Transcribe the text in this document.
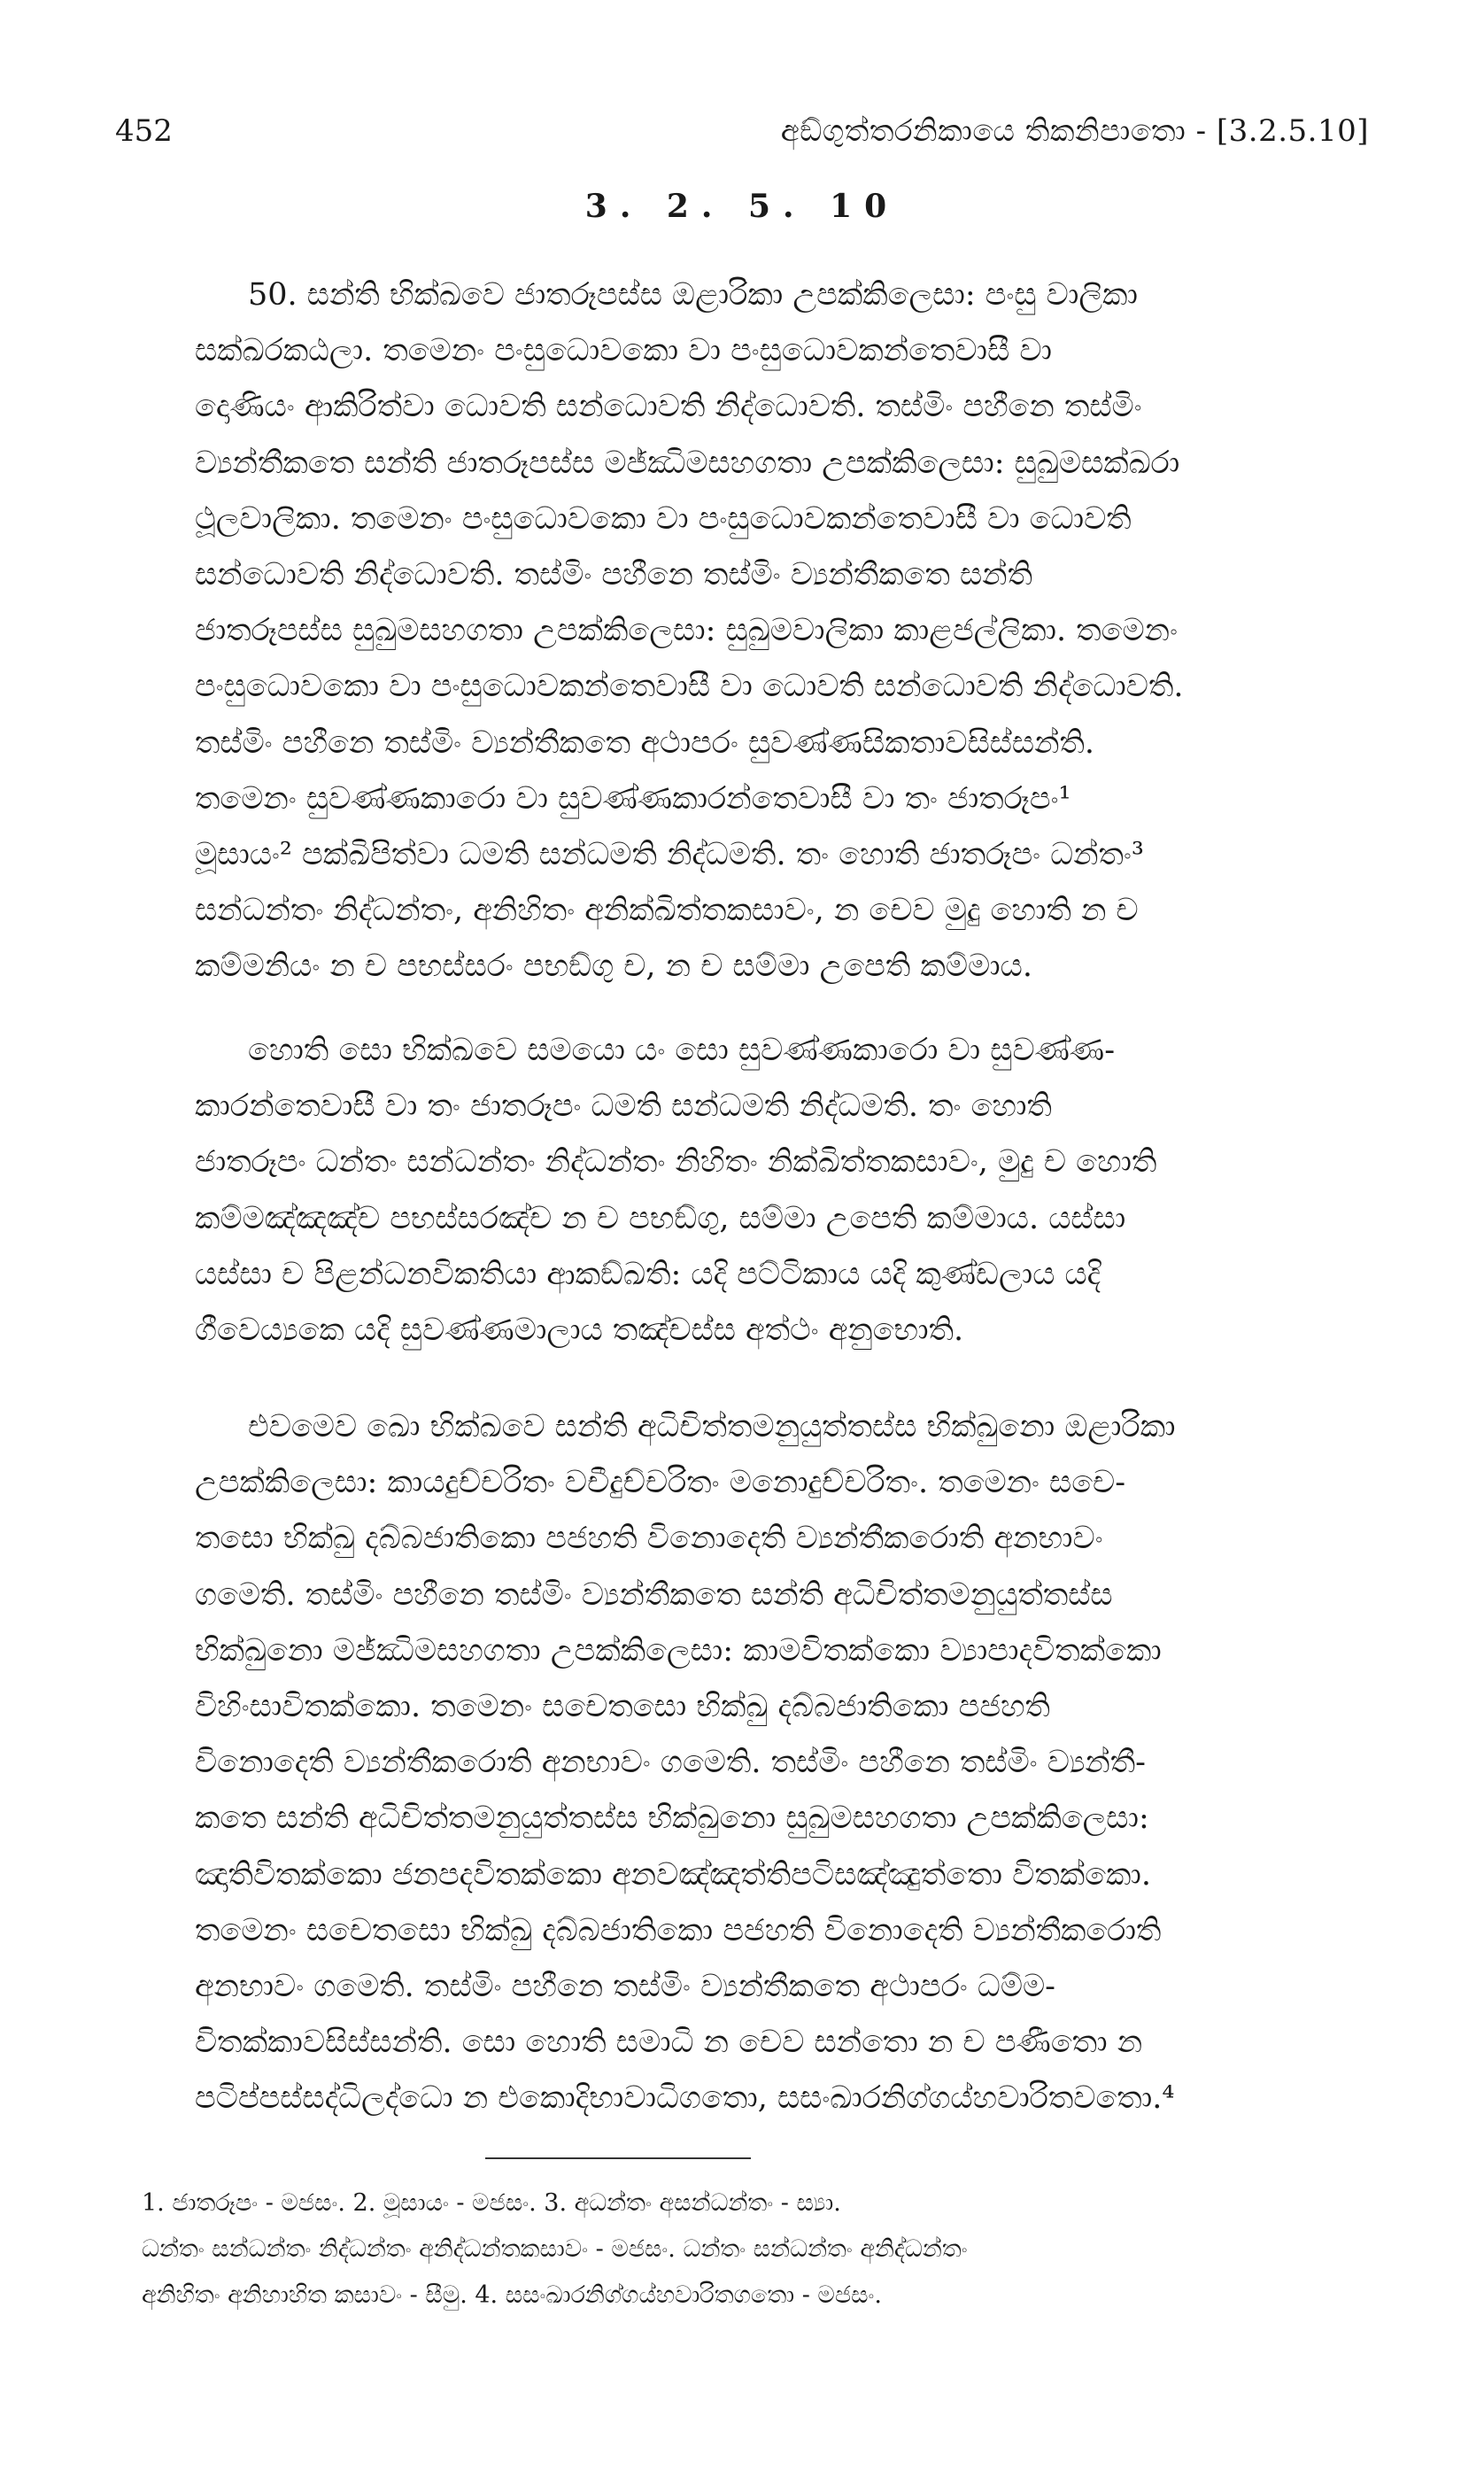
452	අඞ්ගුත්තරනිකායෙ තිකනිපාතො - [3.2.5.10]
3. 2. 5. 10
50. සන්ති භික්ඛවෙ ජාතරූපස්ස ඔළාරිකා උපක්කිලෙසා: පංසු වාලිකා
සක්ඛරකඨලා. තමෙනං පංසුධොවකො වා පංසුධොවකන්තෙවාසී වා
දොණියං ආකිරිත්වා ධොවති සන්ධොවති නිද්ධොවති. තස්මිං පහීනෙ තස්මිං
ව්‍යන්තීකතෙ සන්ති ජාතරූපස්ස මජ්ඣිමසහගතා උපක්කිලෙසා: සුඛුමසක්ඛරා
ථූලවාලිකා. තමෙනං පංසුධොවකො වා පංසුධොවකන්තෙවාසී වා ධොවති
සන්ධොවති නිද්ධොවති. තස්මිං පහීනෙ තස්මිං ව්‍යන්තීකතෙ සන්ති
ජාතරූපස්ස සුඛුමසහගතා උපක්කිලෙසා: සුඛුමවාලිකා කාළජල්ලිකා. තමෙනං
පංසුධොවකො වා පංසුධොවකන්තෙවාසී වා ධොවති සන්ධොවති නිද්ධොවති.
තස්මිං පහීනෙ තස්මිං ව්‍යන්තීකතෙ අථාපරං සුවණ්ණසිකතාවසිස්සන්ති.
තමෙනං සුවණ්ණකාරො වා සුවණ්ණකාරන්තෙවාසී වා තං ජාතරූපං¹
මූසායං² පක්ඛිපිත්වා ධමති සන්ධමති නිද්ධමති. තං හොති ජාතරූපං ධන්තං³
සන්ධන්තං නිද්ධන්තං, අනිහිතං අනික්ඛිත්තකසාවං, න චෙව මුදු හොති න ච
කම්මනියං න ච පභස්සරං පභඞ්ගු ච, න ච සම්මා උපෙති කම්මාය.
හොති සො භික්ඛවෙ සමයො යං සො සුවණ්ණකාරො වා සුවණ්ණ-
කාරන්තෙවාසී වා තං ජාතරූපං ධමති සන්ධමති නිද්ධමති. තං හොති
ජාතරූපං ධන්තං සන්ධන්තං නිද්ධන්තං නිහිතං නික්ඛිත්තකසාවං, මුදු ච හොති
කම්මඤ්ඤඤ්ච පභස්සරඤ්ච න ච පභඞ්ගු, සම්මා උපෙති කම්මාය. යස්සා
යස්සා ච පිළන්ධනවිකතියා ආකඞ්ඛති: යදි පට්ටිකාය යදි කුණ්ඩලාය යදි
ගීවෙය්‍යකෙ යදි සුවණ්ණමාලාය තඤ්චස්ස අත්ථං අනුභොති.
එවමෙව ඛො භික්ඛවෙ සන්ති අධිචිත්තමනුයුත්තස්ස භික්ඛුනො ඔළාරිකා
උපක්කිලෙසා: කායදුච්චරිතං වචීදුච්චරිතං මනොදුච්චරිතං. තමෙනං සචෙ-
තසො භික්ඛු දබ්බජාතිකො පජහති විනොදෙති ව්‍යන්තීකරොති අනභාවං
ගමෙති. තස්මිං පහීනෙ තස්මිං ව්‍යන්තීකතෙ සන්ති අධිචිත්තමනුයුත්තස්ස
භික්ඛුනො මජ්ඣිමසහගතා උපක්කිලෙසා: කාමවිතක්කො ව්‍යාපාදවිතක්කො
විහිංසාවිතක්කො. තමෙනං සචෙතසො භික්ඛු දබ්බජාතිකො පජහති
විනොදෙති ව්‍යන්තීකරොති අනභාවං ගමෙති. තස්මිං පහීනෙ තස්මිං ව්‍යන්තී-
කතෙ සන්ති අධිචිත්තමනුයුත්තස්ස භික්ඛුනො සුඛුමසහගතා උපක්කිලෙසා:
ඤාතිවිතක්කො ජනපදවිතක්කො අනවඤ්ඤත්තිපටිසඤ්ඤුත්තො විතක්කො.
තමෙනං සචෙතසො භික්ඛු දබ්බජාතිකො පජහති විනොදෙති ව්‍යන්තීකරොති
අනභාවං ගමෙති. තස්මිං පහීනෙ තස්මිං ව්‍යන්තීකතෙ අථාපරං ධම්ම-
විතක්කාවසිස්සන්ති. සො හොති සමාධි න චෙව සන්තො න ච පණීතො න
පටිප්පස්සද්ධිලද්ධො න එකොදිභාවාධිගතො, සසංඛාරනිග්ගය්හවාරිතවතො.⁴
1. ජාතරූපං - මජසං. 2. මූසායං - මජසං. 3. අධන්තං අසන්ධන්තං - ස්‍යා.
ධන්තං සන්ධන්තං නිද්ධන්තං අනිද්ධන්තකසාවං - මජසං. ධන්තං සන්ධන්තං අනිද්ධන්තං
අනිහිතං අනිහාහිත කසාවං - සීමු. 4. සසංඛාරනිග්ගය්හවාරිතගතො - මජසං.
